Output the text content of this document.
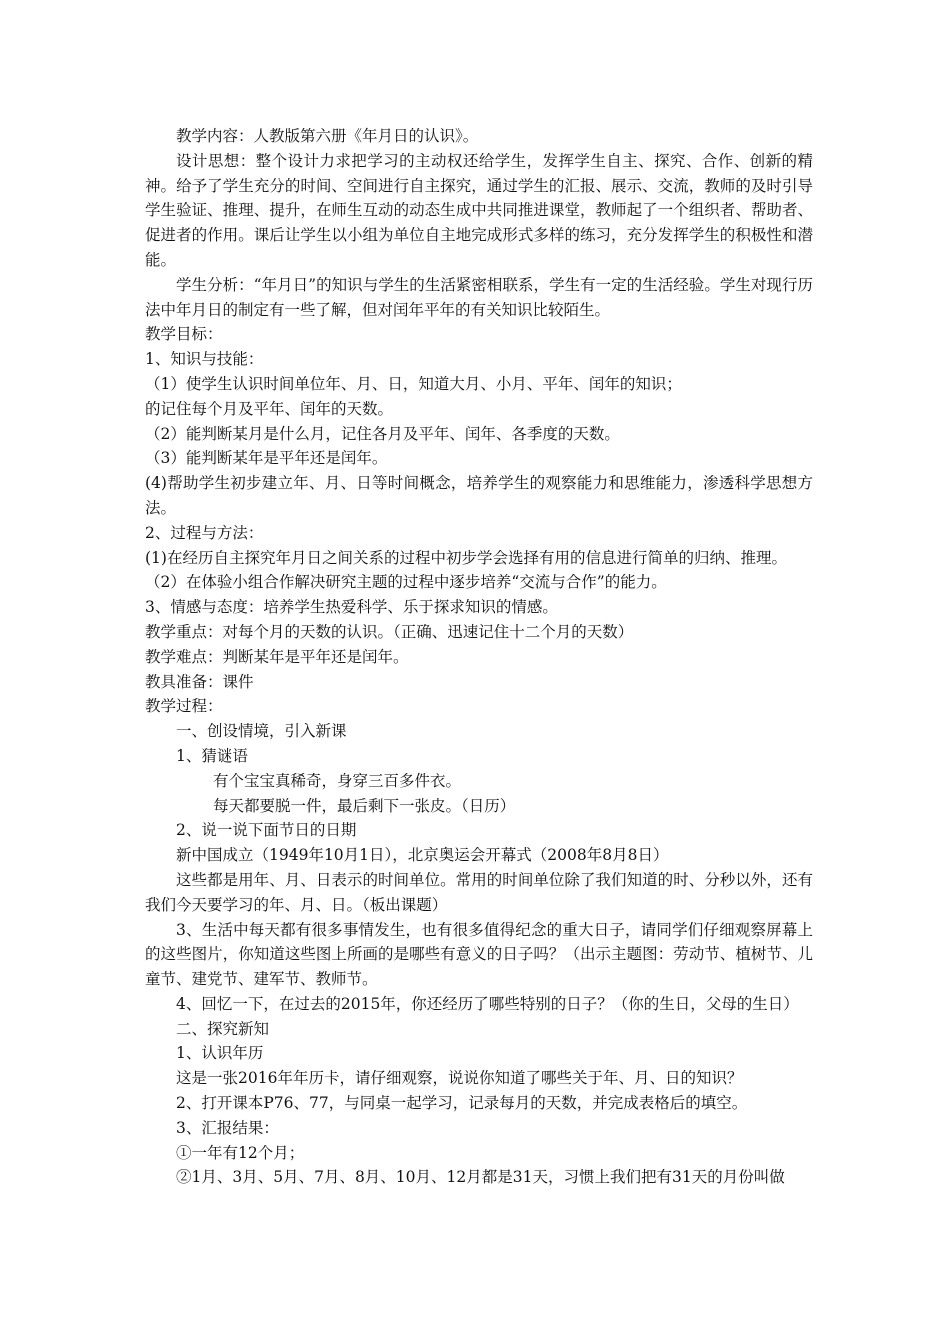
教学内容：人教版第六册《年月日的认识》。

设计思想：整个设计力求把学习的主动权还给学生，发挥学生自主、探究、合作、创新的精神。给予了学生充分的时间、空间进行自主探究，通过学生的汇报、展示、交流，教师的及时引导学生验证、推理、提升，在师生互动的动态生成中共同推进课堂，教师起了一个组织者、帮助者、促进者的作用。课后让学生以小组为单位自主地完成形式多样的练习，充分发挥学生的积极性和潜能。

学生分析：“年月日”的知识与学生的生活紧密相联系，学生有一定的生活经验。学生对现行历法中年月日的制定有一些了解，但对闰年平年的有关知识比较陌生。

教学目标：

1、知识与技能：

（1）使学生认识时间单位年、月、日，知道大月、小月、平年、闰年的知识；

的记住每个月及平年、闰年的天数。

（2）能判断某月是什么月，记住各月及平年、闰年、各季度的天数。

（3）能判断某年是平年还是闰年。

(4)帮助学生初步建立年、月、日等时间概念，培养学生的观察能力和思维能力，渗透科学思想方法。

2、过程与方法：

(1)在经历自主探究年月日之间关系的过程中初步学会选择有用的信息进行简单的归纳、推理。

（2）在体验小组合作解决研究主题的过程中逐步培养“交流与合作”的能力。

3、情感与态度：培养学生热爱科学、乐于探求知识的情感。

教学重点：对每个月的天数的认识。（正确、迅速记住十二个月的天数）

教学难点：判断某年是平年还是闰年。

教具准备：课件

教学过程：

一、创设情境，引入新课

1、猜谜语

有个宝宝真稀奇，身穿三百多件衣。

每天都要脱一件，最后剩下一张皮。（日历）

2、说一说下面节日的日期

新中国成立（1949年10月1日），北京奥运会开幕式（2008年8月8日）

这些都是用年、月、日表示的时间单位。常用的时间单位除了我们知道的时、分秒以外，还有我们今天要学习的年、月、日。（板出课题）

3、生活中每天都有很多事情发生，也有很多值得纪念的重大日子，请同学们仔细观察屏幕上的这些图片，你知道这些图上所画的是哪些有意义的日子吗？（出示主题图：劳动节、植树节、儿童节、建党节、建军节、教师节。

4、回忆一下，在过去的2015年，你还经历了哪些特别的日子？（你的生日，父母的生日）

二、探究新知

1、认识年历

这是一张2016年年历卡，请仔细观察，说说你知道了哪些关于年、月、日的知识？

2、打开课本P76、77，与同桌一起学习，记录每月的天数，并完成表格后的填空。

3、汇报结果：

①一年有12个月；

②1月、3月、5月、7月、8月、10月、12月都是31天，习惯上我们把有31天的月份叫做
